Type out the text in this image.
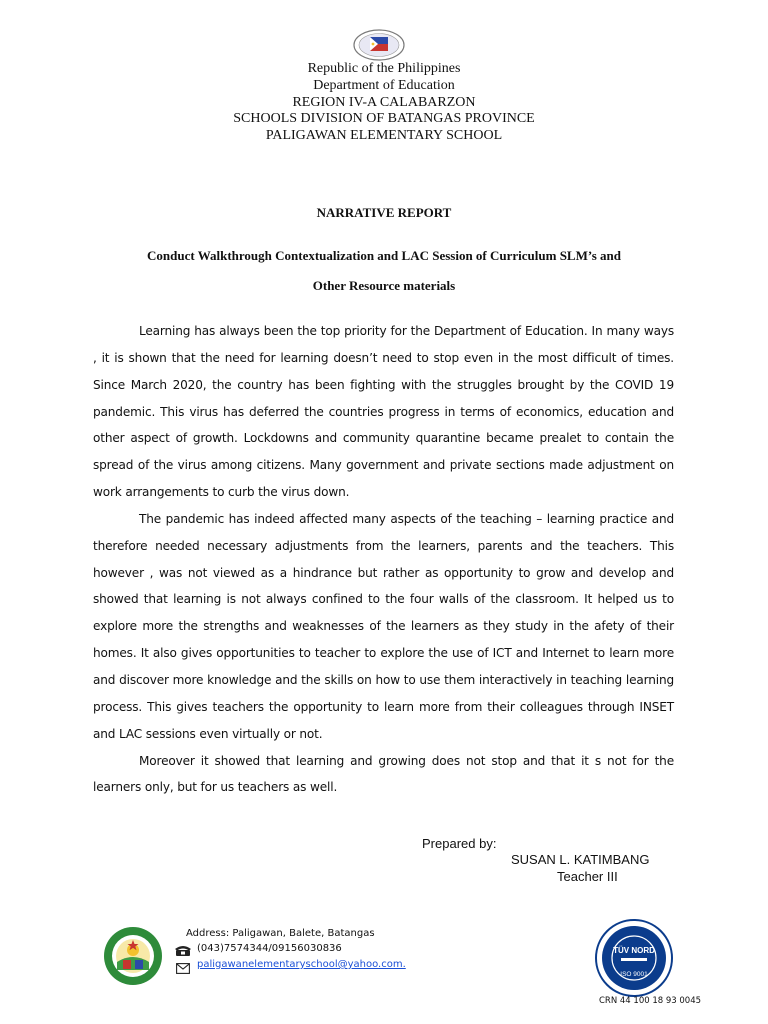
Republic of the Philippines
Department of Education
REGION IV-A CALABARZON
SCHOOLS DIVISION OF BATANGAS PROVINCE
PALIGAWAN ELEMENTARY SCHOOL
NARRATIVE REPORT
Conduct Walkthrough Contextualization and LAC Session of Curriculum SLM’s and
Other Resource materials

Learning has always been the top priority for the Department of Education. In many ways , it is shown that the need for learning doesn’t need to stop even in the most difficult of times. Since March 2020, the country has been fighting with the struggles brought by the COVID 19 pandemic. This virus has deferred the countries progress in terms of economics, education and other aspect of growth. Lockdowns and community quarantine became prealet to contain the spread of the virus among citizens. Many government and private sections made adjustment on work arrangements to curb the virus down.

The pandemic has indeed affected many aspects of the teaching – learning practice and therefore needed necessary adjustments from the learners, parents and the teachers. This however , was not viewed as a hindrance but rather as opportunity to grow and develop and showed that learning is not always confined to the four walls of the classroom. It helped us to explore more the strengths and weaknesses of the learners as they study in the afety of their homes. It also gives opportunities to teacher to explore the use of ICT and Internet to learn more and discover more knowledge and the skills on how to use them interactively in teaching learning process. This gives teachers the opportunity to learn more from their colleagues through INSET and LAC sessions even virtually or not.

Moreover it showed that learning and growing does not stop and that it s not for the learners only, but for us teachers as well.

Prepared by:
SUSAN L. KATIMBANG
Teacher III
Address: Paligawan, Balete, Batangas
(043)7574344/09156030836
paligawanelementaryschool@yahoo.com.
TÜV NORD
ISO 9001
CRN 44 100 18 93 0045
